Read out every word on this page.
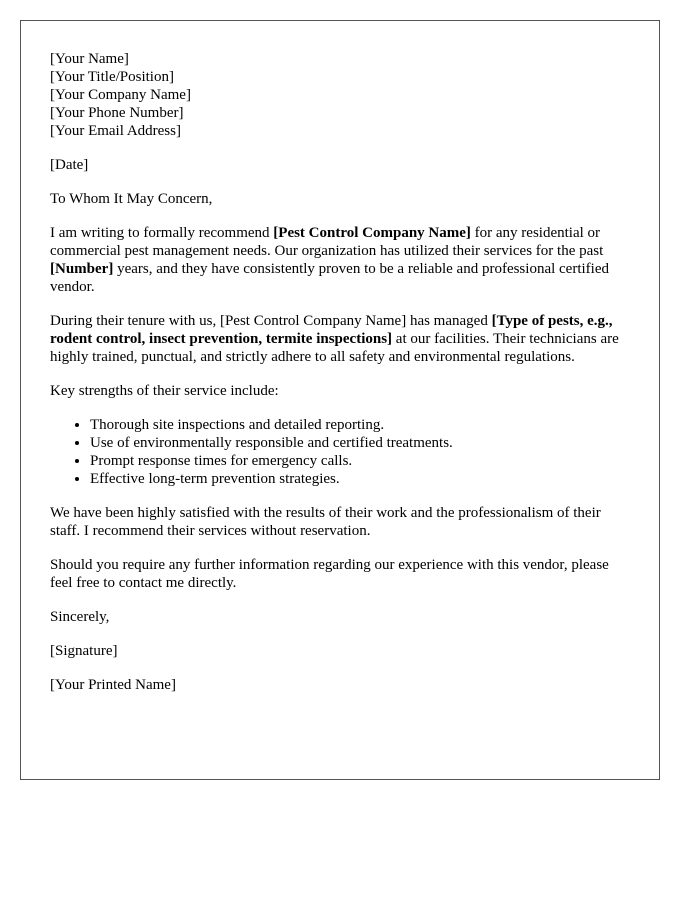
[Your Name]
[Your Title/Position]
[Your Company Name]
[Your Phone Number]
[Your Email Address]

[Date]

To Whom It May Concern,

I am writing to formally recommend [Pest Control Company Name] for any residential or commercial pest management needs. Our organization has utilized their services for the past [Number] years, and they have consistently proven to be a reliable and professional certified vendor.

During their tenure with us, [Pest Control Company Name] has managed [Type of pests, e.g., rodent control, insect prevention, termite inspections] at our facilities. Their technicians are highly trained, punctual, and strictly adhere to all safety and environmental regulations.

Key strengths of their service include:

• Thorough site inspections and detailed reporting.
• Use of environmentally responsible and certified treatments.
• Prompt response times for emergency calls.
• Effective long-term prevention strategies.

We have been highly satisfied with the results of their work and the professionalism of their staff. I recommend their services without reservation.

Should you require any further information regarding our experience with this vendor, please feel free to contact me directly.

Sincerely,

[Signature]

[Your Printed Name]
